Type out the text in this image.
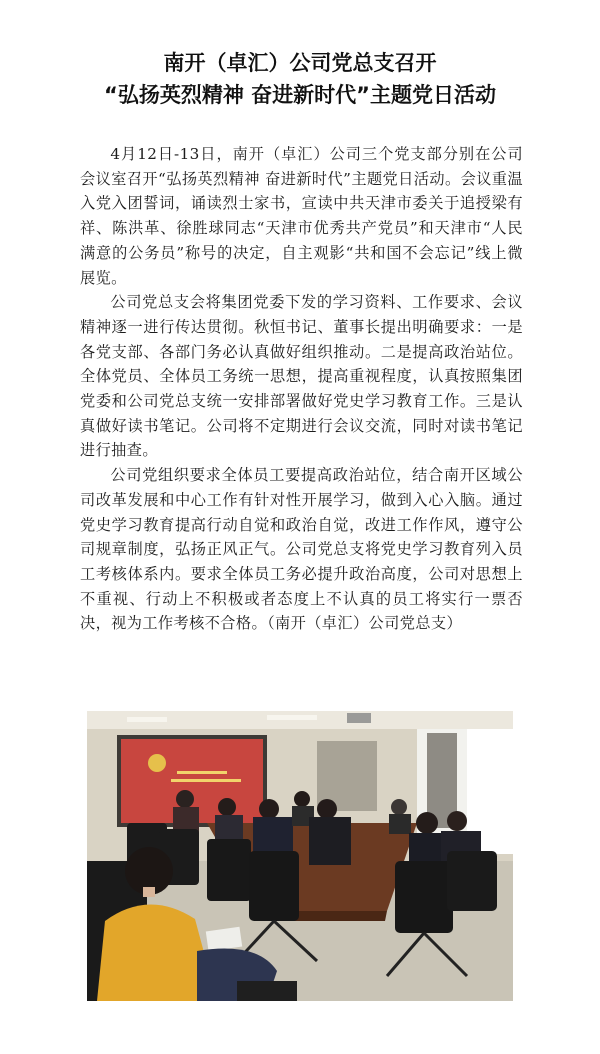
南开（卓汇）公司党总支召开
“弘扬英烈精神 奋进新时代”主题党日活动

4月12日-13日，南开（卓汇）公司三个党支部分别在公司会议室召开“弘扬英烈精神 奋进新时代”主题党日活动。会议重温入党入团誓词，诵读烈士家书，宣读中共天津市委关于追授梁有祥、陈洪革、徐胜球同志“天津市优秀共产党员”和天津市“人民满意的公务员”称号的决定，自主观影“共和国不会忘记”线上微展览。

公司党总支会将集团党委下发的学习资料、工作要求、会议精神逐一进行传达贯彻。秋恒书记、董事长提出明确要求：一是各党支部、各部门务必认真做好组织推动。二是提高政治站位。全体党员、全体员工务统一思想，提高重视程度，认真按照集团党委和公司党总支统一安排部署做好党史学习教育工作。三是认真做好读书笔记。公司将不定期进行会议交流，同时对读书笔记进行抽查。

公司党组织要求全体员工要提高政治站位，结合南开区域公司改革发展和中心工作有针对性开展学习，做到入心入脑。通过党史学习教育提高行动自觉和政治自觉，改进工作作风，遵守公司规章制度，弘扬正风正气。公司党总支将党史学习教育列入员工考核体系内。要求全体员工务必提升政治高度，公司对思想上不重视、行动上不积极或者态度上不认真的员工将实行一票否决，视为工作考核不合格。（南开（卓汇）公司党总支）
